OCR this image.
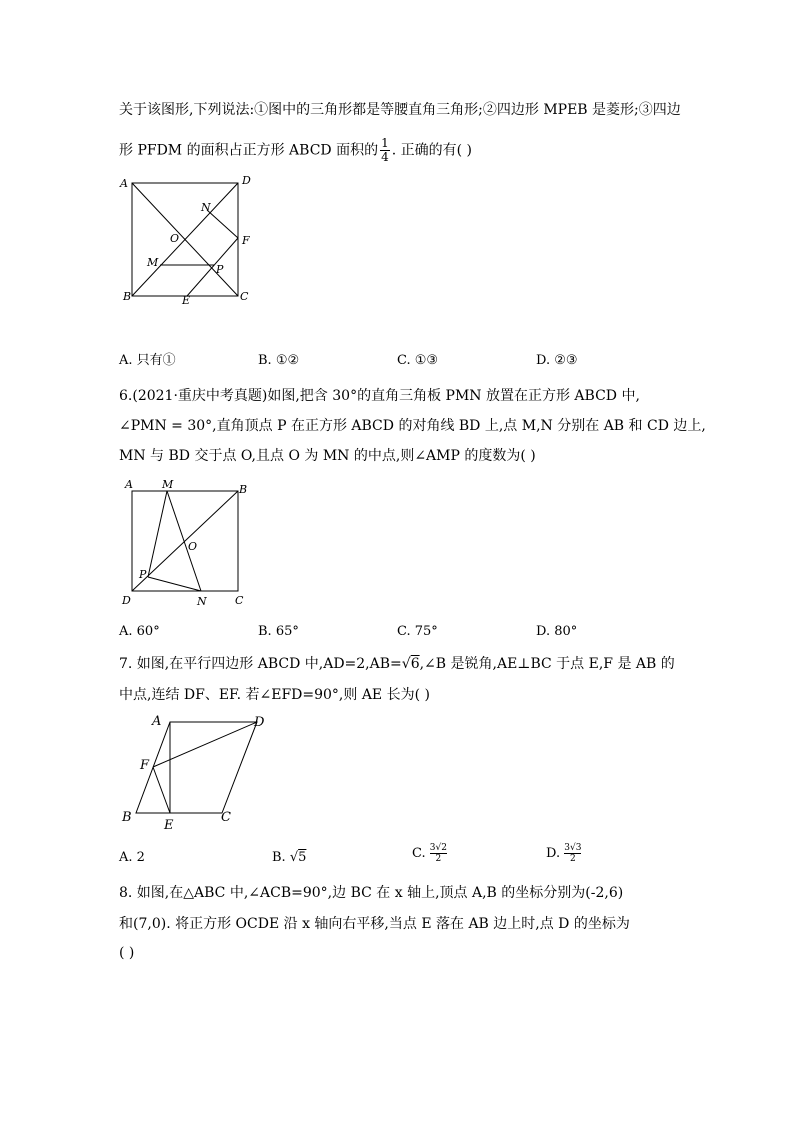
关于该图形,下列说法:①图中的三角形都是等腰直角三角形;②四边形 MPEB 是菱形;③四边
形 PFDM 的面积占正方形 ABCD 面积的 $\frac{1}{4}$ . 正确的有( )
A	D
N
O	F
M
P
B	E	C
A. 只有①	B. ①②	C. ①③	D. ②③
6.(2021·重庆中考真题)如图,把含 30°的直角三角板 PMN 放置在正方形 ABCD 中,
∠PMN = 30°,直角顶点 P 在正方形 ABCD 的对角线 BD 上,点 M,N 分别在 AB 和 CD 边上,
MN 与 BD 交于点 O,且点 O 为 MN 的中点,则∠AMP 的度数为( )
A	M	B
O
P
D	N	C
A. 60°	B. 65°	C. 75°	D. 80°
7. 如图,在平行四边形 ABCD 中,AD=2,AB=√6,∠B 是锐角,AE⊥BC 于点 E,F 是 AB 的
中点,连结 DF、EF. 若∠EFD=90°,则 AE 长为( )
A	D
F
B
E
C
A. 2	B. √5	C. $\frac{3√2}{2}$	D. $\frac{3√3}{2}$
8. 如图,在△ABC 中,∠ACB=90°,边 BC 在 x 轴上,顶点 A,B 的坐标分别为(-2,6)
和(7,0). 将正方形 OCDE 沿 x 轴向右平移,当点 E 落在 AB 边上时,点 D 的坐标为
( )
